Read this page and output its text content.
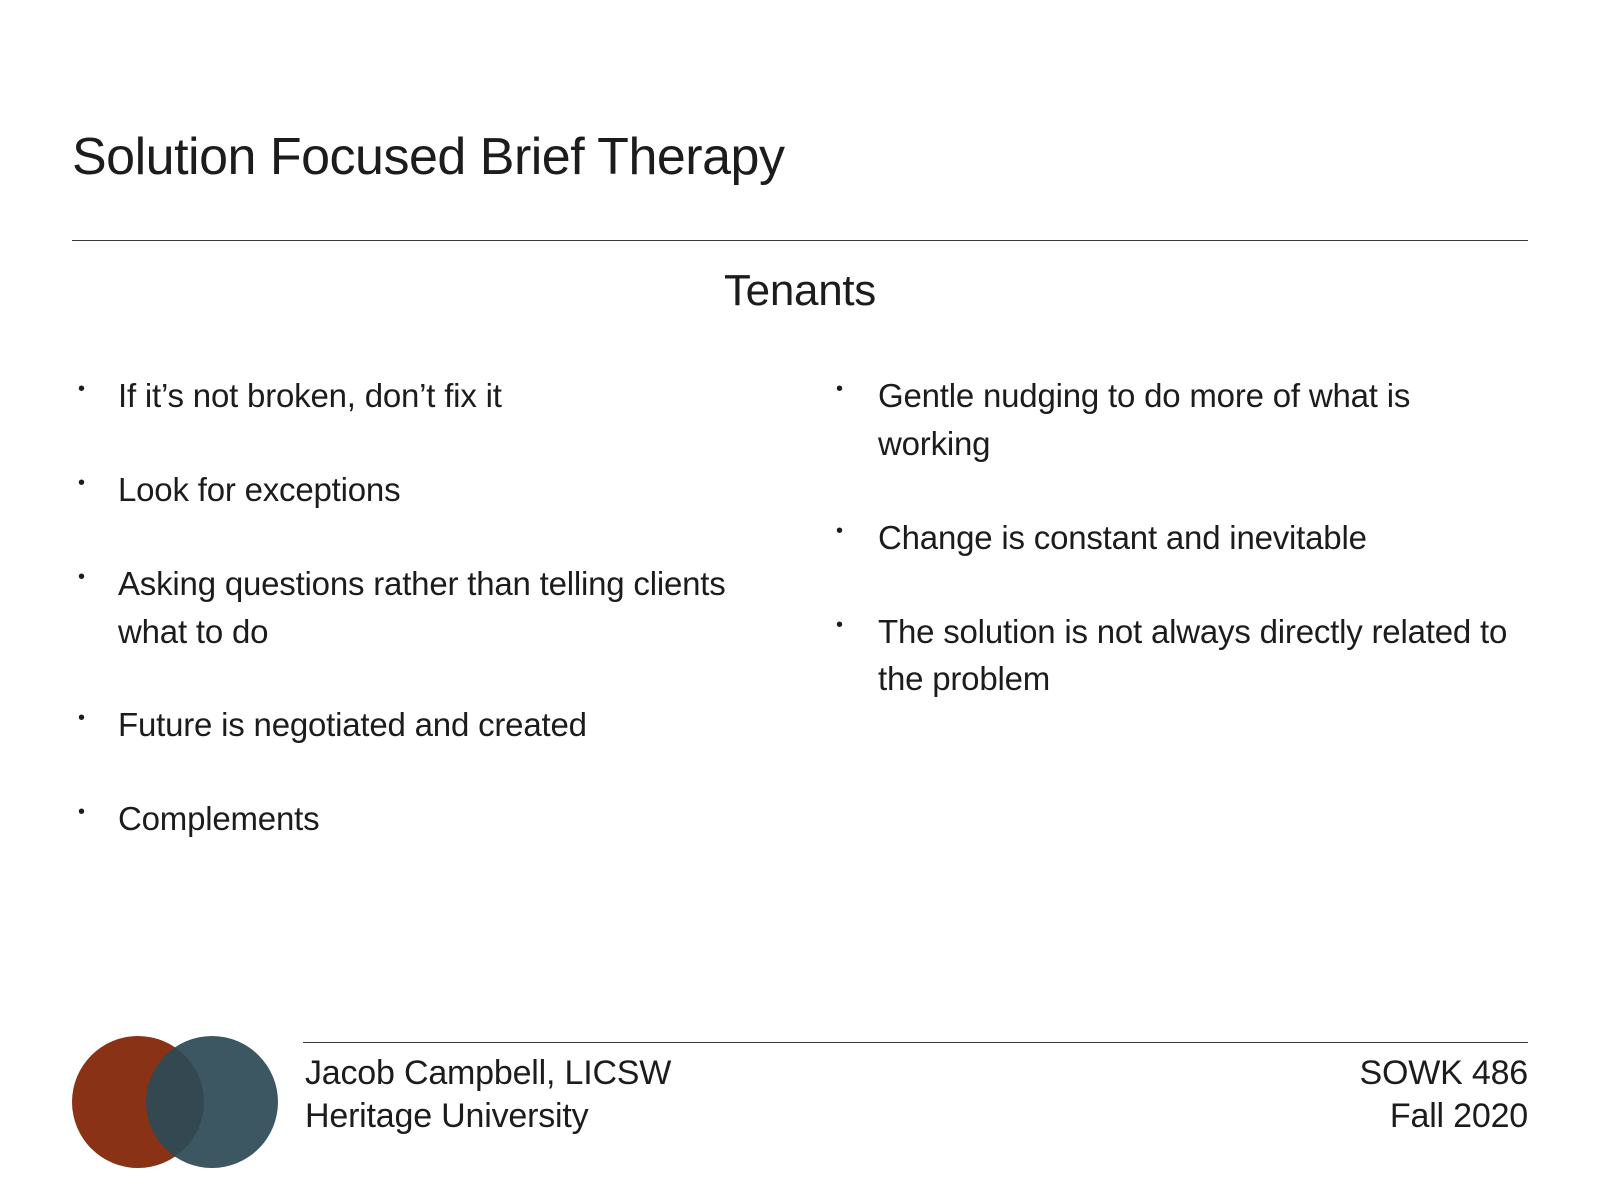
Solution Focused Brief Therapy
Tenants
• If it’s not broken, don’t fix it
• Look for exceptions
• Asking questions rather than telling clients what to do
• Future is negotiated and created
• Complements
• Gentle nudging to do more of what is working
• Change is constant and inevitable
• The solution is not always directly related to the problem
Jacob Campbell, LICSW
Heritage University
SOWK 486
Fall 2020
